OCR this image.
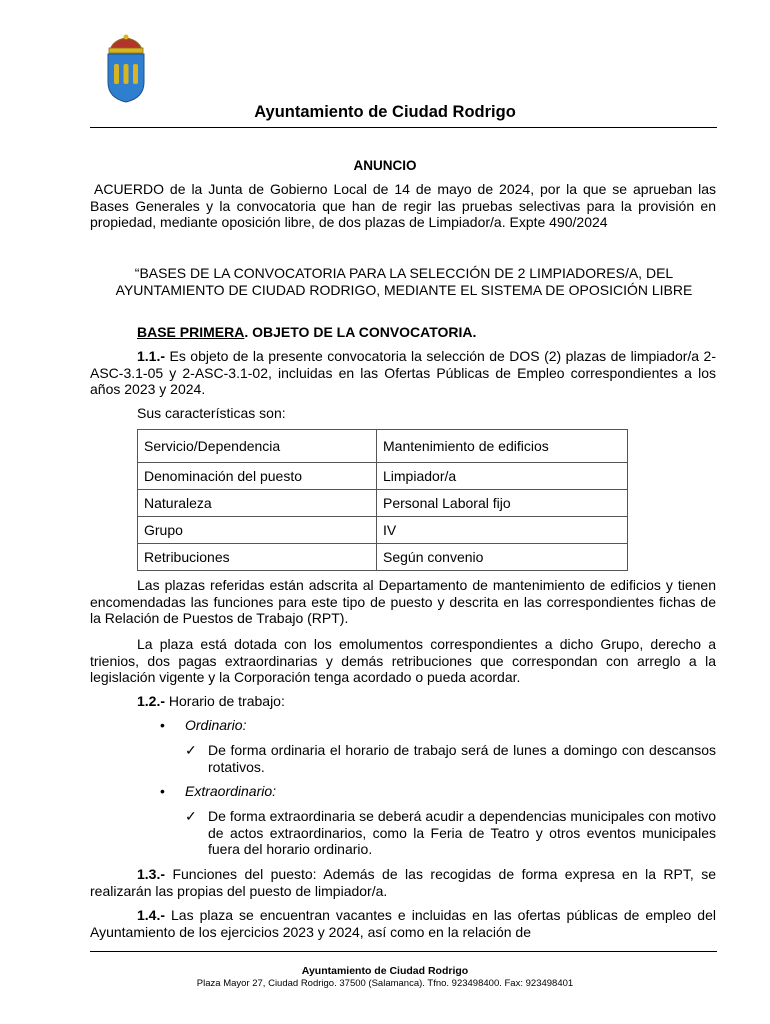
Ayuntamiento de Ciudad Rodrigo
ANUNCIO
ACUERDO de la Junta de Gobierno Local de 14 de mayo de 2024, por la que se aprueban las Bases Generales y la convocatoria que han de regir las pruebas selectivas para la provisión en propiedad, mediante oposición libre, de dos plazas de Limpiador/a. Expte 490/2024
“BASES DE LA CONVOCATORIA PARA LA SELECCIÓN DE 2 LIMPIADORES/A, DEL AYUNTAMIENTO DE CIUDAD RODRIGO, MEDIANTE EL SISTEMA DE OPOSICIÓN LIBRE
BASE PRIMERA. OBJETO DE LA CONVOCATORIA.
1.1.- Es objeto de la presente convocatoria la selección de DOS (2) plazas de limpiador/a 2-ASC-3.1-05 y 2-ASC-3.1-02, incluidas en las Ofertas Públicas de Empleo correspondientes a los años 2023 y 2024.
Sus características son:
Servicio/Dependencia	Mantenimiento de edificios
Denominación del puesto	Limpiador/a
Naturaleza	Personal Laboral fijo
Grupo	IV
Retribuciones	Según convenio
Las plazas referidas están adscrita al Departamento de mantenimiento de edificios y tienen encomendadas las funciones para este tipo de puesto y descrita en las correspondientes fichas de la Relación de Puestos de Trabajo (RPT).
La plaza está dotada con los emolumentos correspondientes a dicho Grupo, derecho a trienios, dos pagas extraordinarias y demás retribuciones que correspondan con arreglo a la legislación vigente y la Corporación tenga acordado o pueda acordar.
1.2.- Horario de trabajo:
• Ordinario:
✓ De forma ordinaria el horario de trabajo será de lunes a domingo con descansos rotativos.
• Extraordinario:
✓ De forma extraordinaria se deberá acudir a dependencias municipales con motivo de actos extraordinarios, como la Feria de Teatro y otros eventos municipales fuera del horario ordinario.
1.3.- Funciones del puesto: Además de las recogidas de forma expresa en la RPT, se realizarán las propias del puesto de limpiador/a.
1.4.- Las plaza se encuentran vacantes e incluidas en las ofertas públicas de empleo del Ayuntamiento de los ejercicios 2023 y 2024, así como en la relación de
Ayuntamiento de Ciudad Rodrigo
Plaza Mayor 27, Ciudad Rodrigo. 37500 (Salamanca). Tfno. 923498400. Fax: 923498401
